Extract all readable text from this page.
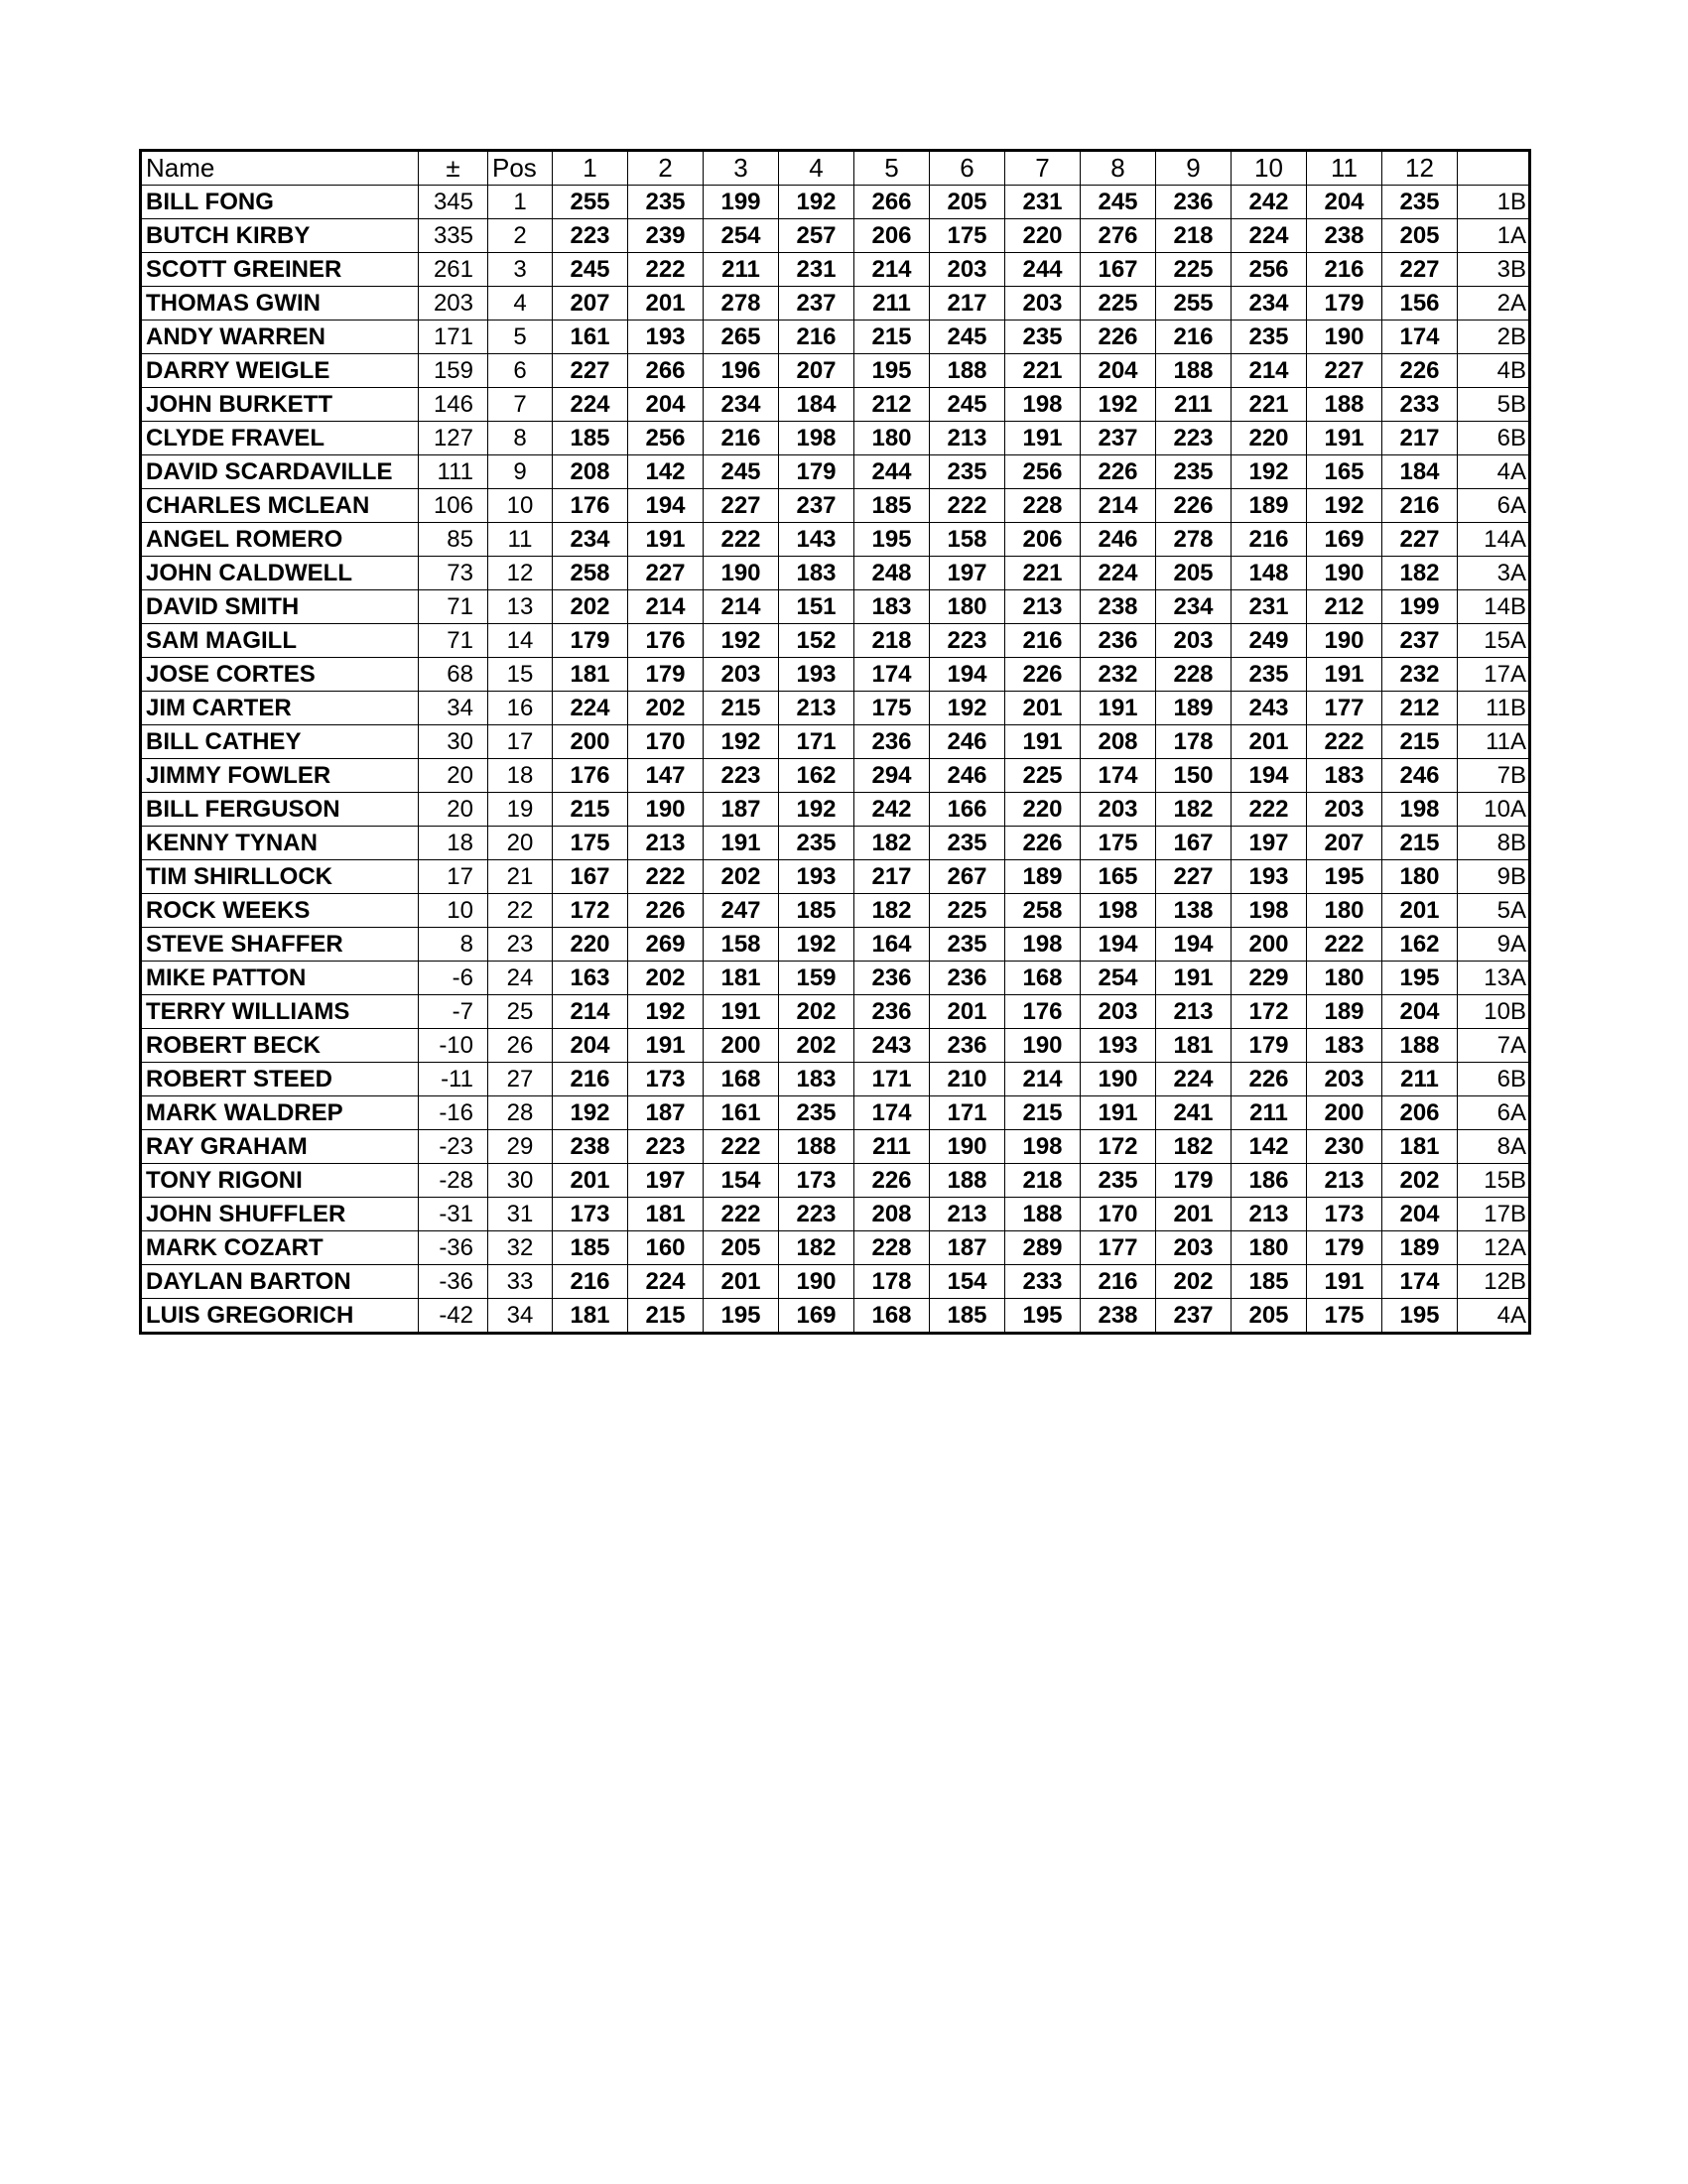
Name	±	Pos	1	2	3	4	5	6	7	8	9	10	11	12	
BILL FONG	345	1	255	235	199	192	266	205	231	245	236	242	204	235	1B
BUTCH KIRBY	335	2	223	239	254	257	206	175	220	276	218	224	238	205	1A
SCOTT GREINER	261	3	245	222	211	231	214	203	244	167	225	256	216	227	3B
THOMAS GWIN	203	4	207	201	278	237	211	217	203	225	255	234	179	156	2A
ANDY WARREN	171	5	161	193	265	216	215	245	235	226	216	235	190	174	2B
DARRY WEIGLE	159	6	227	266	196	207	195	188	221	204	188	214	227	226	4B
JOHN BURKETT	146	7	224	204	234	184	212	245	198	192	211	221	188	233	5B
CLYDE FRAVEL	127	8	185	256	216	198	180	213	191	237	223	220	191	217	6B
DAVID SCARDAVILLE	111	9	208	142	245	179	244	235	256	226	235	192	165	184	4A
CHARLES MCLEAN	106	10	176	194	227	237	185	222	228	214	226	189	192	216	6A
ANGEL ROMERO	85	11	234	191	222	143	195	158	206	246	278	216	169	227	14A
JOHN CALDWELL	73	12	258	227	190	183	248	197	221	224	205	148	190	182	3A
DAVID SMITH	71	13	202	214	214	151	183	180	213	238	234	231	212	199	14B
SAM MAGILL	71	14	179	176	192	152	218	223	216	236	203	249	190	237	15A
JOSE CORTES	68	15	181	179	203	193	174	194	226	232	228	235	191	232	17A
JIM CARTER	34	16	224	202	215	213	175	192	201	191	189	243	177	212	11B
BILL CATHEY	30	17	200	170	192	171	236	246	191	208	178	201	222	215	11A
JIMMY FOWLER	20	18	176	147	223	162	294	246	225	174	150	194	183	246	7B
BILL FERGUSON	20	19	215	190	187	192	242	166	220	203	182	222	203	198	10A
KENNY TYNAN	18	20	175	213	191	235	182	235	226	175	167	197	207	215	8B
TIM SHIRLLOCK	17	21	167	222	202	193	217	267	189	165	227	193	195	180	9B
ROCK WEEKS	10	22	172	226	247	185	182	225	258	198	138	198	180	201	5A
STEVE SHAFFER	8	23	220	269	158	192	164	235	198	194	194	200	222	162	9A
MIKE PATTON	-6	24	163	202	181	159	236	236	168	254	191	229	180	195	13A
TERRY WILLIAMS	-7	25	214	192	191	202	236	201	176	203	213	172	189	204	10B
ROBERT BECK	-10	26	204	191	200	202	243	236	190	193	181	179	183	188	7A
ROBERT STEED	-11	27	216	173	168	183	171	210	214	190	224	226	203	211	6B
MARK WALDREP	-16	28	192	187	161	235	174	171	215	191	241	211	200	206	6A
RAY GRAHAM	-23	29	238	223	222	188	211	190	198	172	182	142	230	181	8A
TONY RIGONI	-28	30	201	197	154	173	226	188	218	235	179	186	213	202	15B
JOHN SHUFFLER	-31	31	173	181	222	223	208	213	188	170	201	213	173	204	17B
MARK COZART	-36	32	185	160	205	182	228	187	289	177	203	180	179	189	12A
DAYLAN BARTON	-36	33	216	224	201	190	178	154	233	216	202	185	191	174	12B
LUIS GREGORICH	-42	34	181	215	195	169	168	185	195	238	237	205	175	195	4A
